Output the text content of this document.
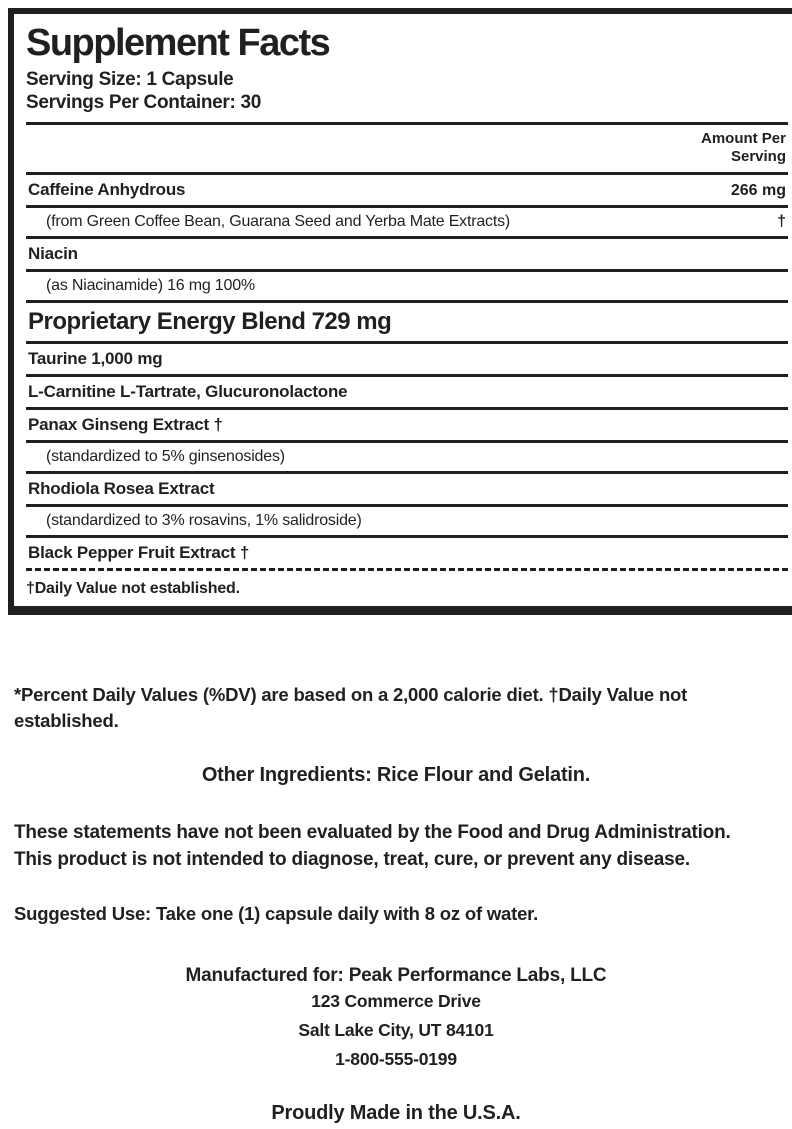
Supplement Facts
Serving Size: 1 Capsule
Servings Per Container: 30
Amount Per
Serving
Caffeine Anhydrous	266 mg
(from Green Coffee Bean, Guarana Seed and Yerba Mate Extracts)	†
Niacin
(as Niacinamide) 16 mg 100%
Proprietary Energy Blend 729 mg
Taurine 1,000 mg
L-Carnitine L-Tartrate, Glucuronolactone
Panax Ginseng Extract †
(standardized to 5% ginsenosides)
Rhodiola Rosea Extract
(standardized to 3% rosavins, 1% salidroside)
Black Pepper Fruit Extract †
†Daily Value not established.
*Percent Daily Values (%DV) are based on a 2,000 calorie diet. †Daily Value not established.
Other Ingredients: Rice Flour and Gelatin.
These statements have not been evaluated by the Food and Drug Administration. This product is not intended to diagnose, treat, cure, or prevent any disease.
Suggested Use: Take one (1) capsule daily with 8 oz of water.
Manufactured for: Peak Performance Labs, LLC
123 Commerce Drive
Salt Lake City, UT 84101
1-800-555-0199
Proudly Made in the U.S.A.
